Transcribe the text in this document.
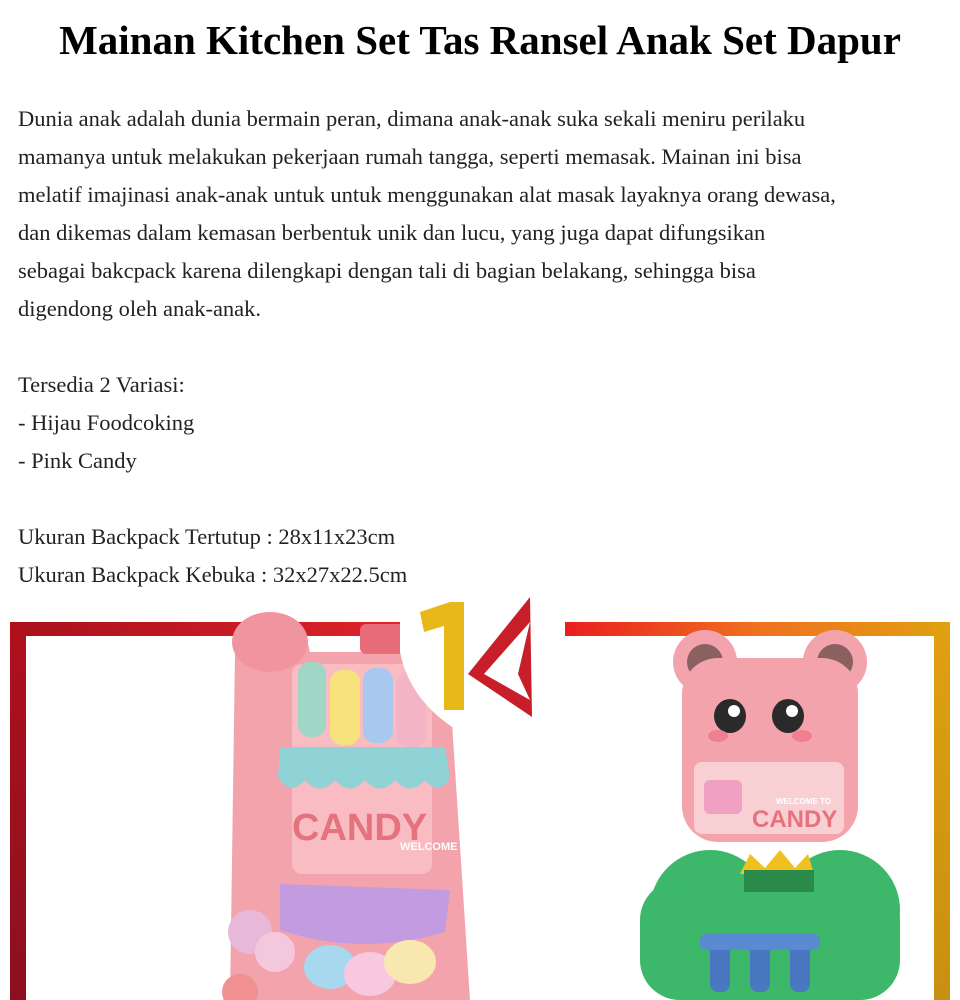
Mainan Kitchen Set Tas Ransel Anak Set Dapur

Dunia anak adalah dunia bermain peran, dimana anak-anak suka sekali meniru perilaku

mamanya untuk melakukan pekerjaan rumah tangga, seperti memasak. Mainan ini bisa

melatif imajinasi anak-anak untuk untuk menggunakan alat masak layaknya orang dewasa,

dan dikemas dalam kemasan berbentuk unik dan lucu, yang juga dapat difungsikan

sebagai bakcpack karena dilengkapi dengan tali di bagian belakang, sehingga bisa

digendong oleh anak-anak.

Tersedia 2 Variasi:

- Hijau Foodcoking

- Pink Candy

Ukuran Backpack Tertutup : 28x11x23cm

Ukuran Backpack Kebuka : 32x27x22.5cm

CANDY
WELCOME TO
CANDY
WELCOME TO
